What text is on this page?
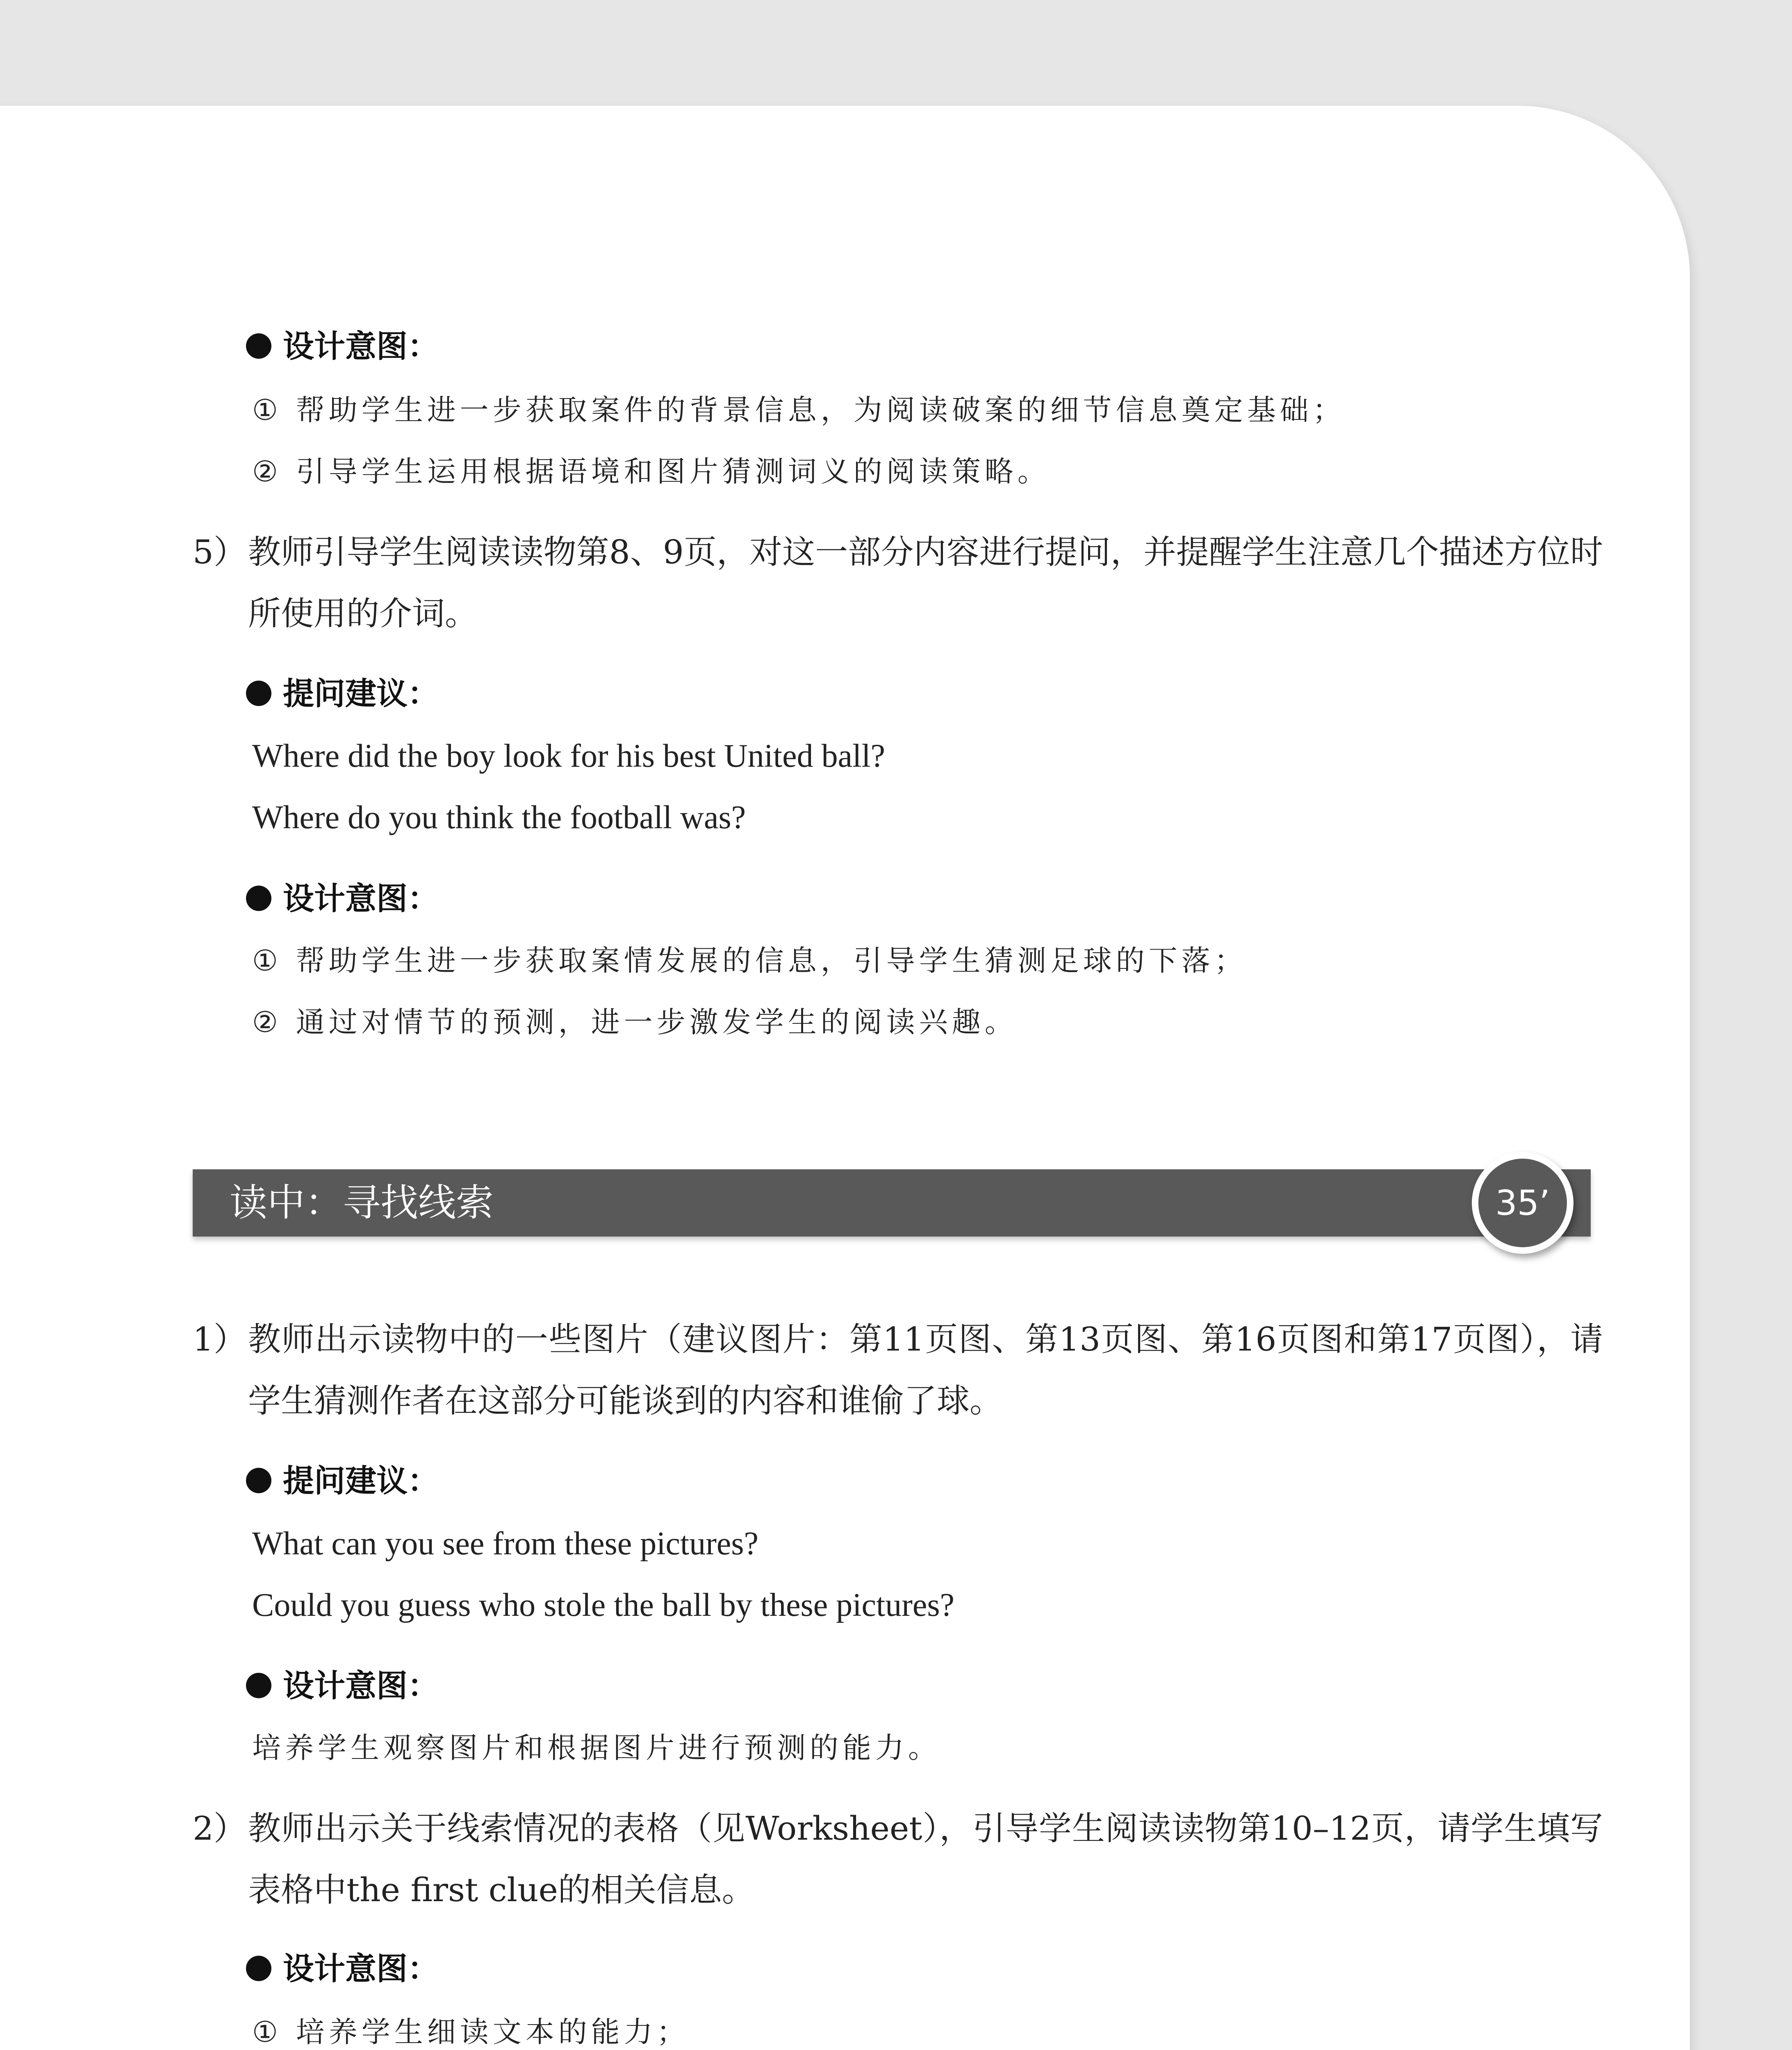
设计意图：
① 帮助学生进一步获取案件的背景信息，为阅读破案的细节信息奠定基础；
② 引导学生运用根据语境和图片猜测词义的阅读策略。
5） 教师引导学生阅读读物第8、9页，对这一部分内容进行提问，并提醒学生注意几个描述方位时所使用的介词。
提问建议：
Where did the boy look for his best United ball?
Where do you think the football was?
设计意图：
① 帮助学生进一步获取案情发展的信息，引导学生猜测足球的下落；
② 通过对情节的预测，进一步激发学生的阅读兴趣。
读中：寻找线索	35’
1） 教师出示读物中的一些图片（建议图片：第11页图、第13页图、第16页图和第17页图），请学生猜测作者在这部分可能谈到的内容和谁偷了球。
提问建议：
What can you see from these pictures?
Could you guess who stole the ball by these pictures?
设计意图：
培养学生观察图片和根据图片进行预测的能力。
2） 教师出示关于线索情况的表格（见Worksheet），引导学生阅读读物第10–12页，请学生填写表格中the first clue的相关信息。
设计意图：
① 培养学生细读文本的能力；
